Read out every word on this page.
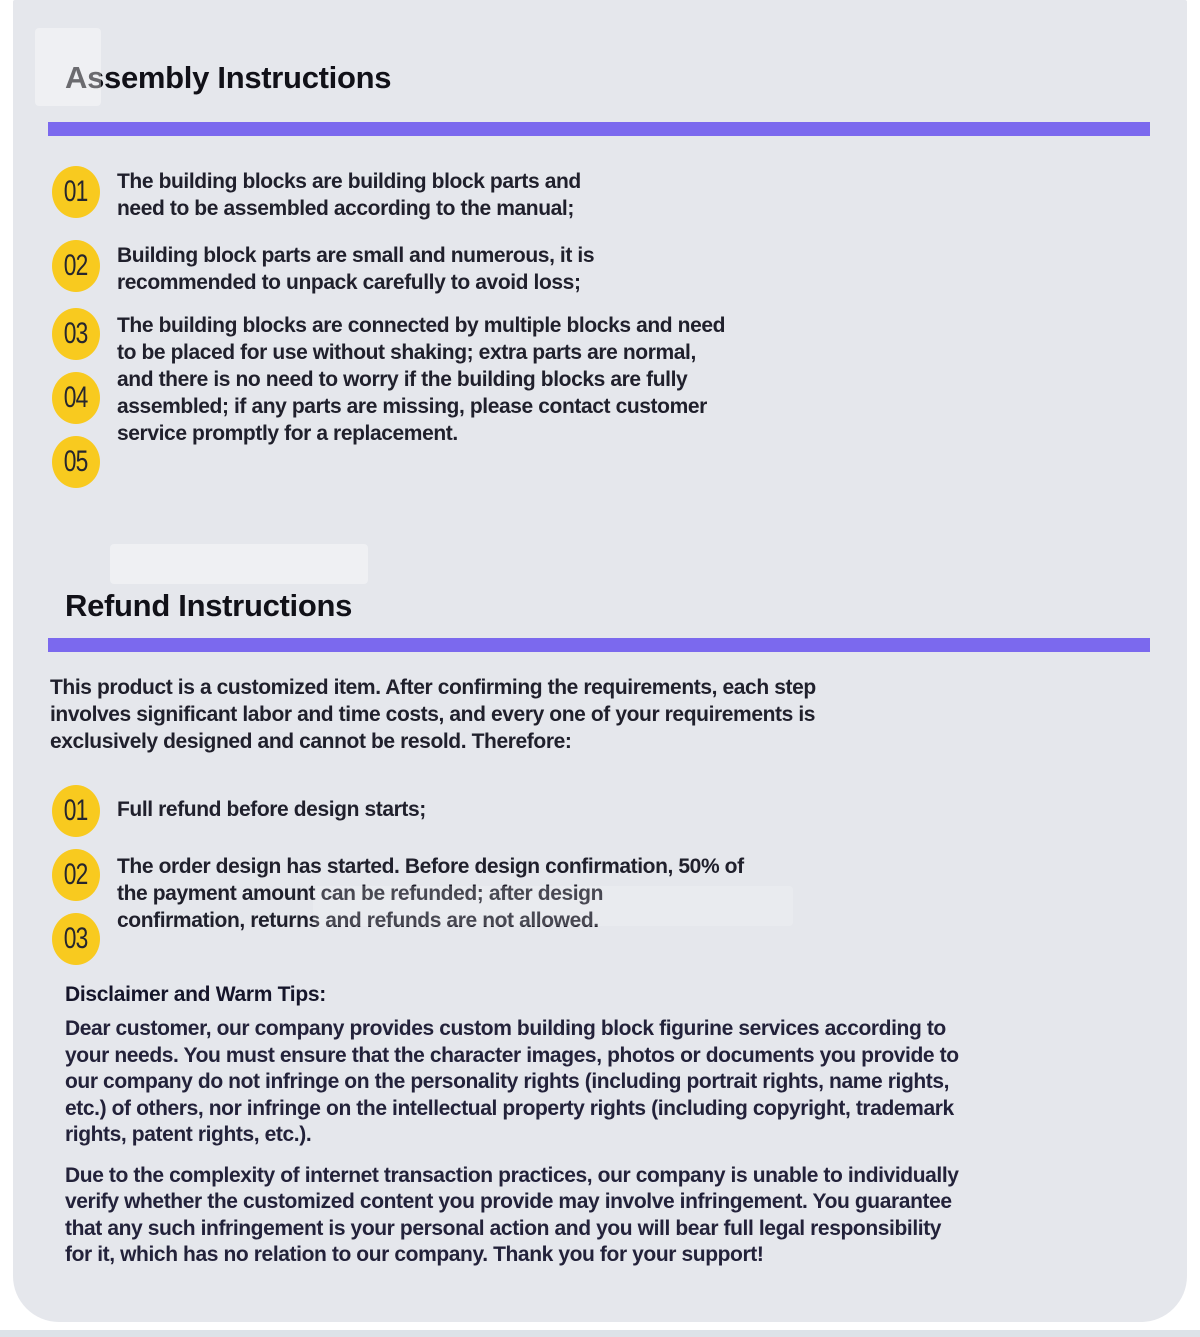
Assembly Instructions
01 The building blocks are building block parts and
need to be assembled according to the manual;
02 Building block parts are small and numerous, it is
recommended to unpack carefully to avoid loss;
03
04
05
The building blocks are connected by multiple blocks and need
to be placed for use without shaking; extra parts are normal,
and there is no need to worry if the building blocks are fully
assembled; if any parts are missing, please contact customer
service promptly for a replacement.
Refund Instructions
This product is a customized item. After confirming the requirements, each step
involves significant labor and time costs, and every one of your requirements is
exclusively designed and cannot be resold. Therefore:
01 Full refund before design starts;
02
03
The order design has started. Before design confirmation, 50% of
the payment amount can be refunded; after design
confirmation, returns and refunds are not allowed.
Disclaimer and Warm Tips:
Dear customer, our company provides custom building block figurine services according to
your needs. You must ensure that the character images, photos or documents you provide to
our company do not infringe on the personality rights (including portrait rights, name rights,
etc.) of others, nor infringe on the intellectual property rights (including copyright, trademark
rights, patent rights, etc.).
Due to the complexity of internet transaction practices, our company is unable to individually
verify whether the customized content you provide may involve infringement. You guarantee
that any such infringement is your personal action and you will bear full legal responsibility
for it, which has no relation to our company. Thank you for your support!
